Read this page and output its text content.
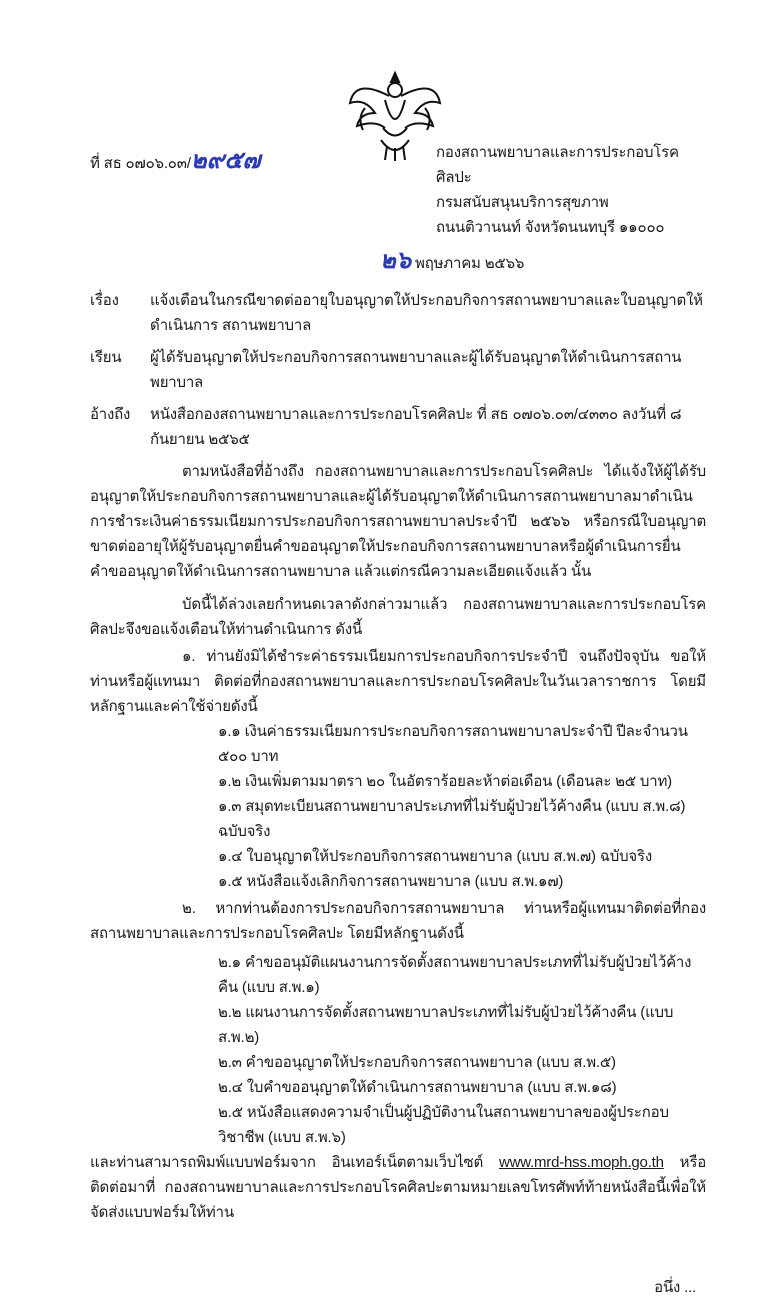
ที่ สธ ๐๗๐๖.๐๓/๒๙๕๗	กองสถานพยาบาลและการประกอบโรคศิลปะ

กรมสนับสนุนบริการสุขภาพ

ถนนติวานนท์ จังหวัดนนทบุรี ๑๑๐๐๐

๒๖ พฤษภาคม ๒๕๖๖
เรื่อง	แจ้งเตือนในกรณีขาดต่ออายุใบอนุญาตให้ประกอบกิจการสถานพยาบาลและใบอนุญาตให้ดำเนินการ สถานพยาบาล
เรียน	ผู้ได้รับอนุญาตให้ประกอบกิจการสถานพยาบาลและผู้ได้รับอนุญาตให้ดำเนินการสถานพยาบาล
อ้างถึง	หนังสือกองสถานพยาบาลและการประกอบโรคศิลปะ ที่ สธ ๐๗๐๖.๐๓/๔๓๓๐ ลงวันที่ ๘ กันยายน ๒๕๖๕

ตามหนังสือที่อ้างถึง กองสถานพยาบาลและการประกอบโรคศิลปะ ได้แจ้งให้ผู้ได้รับอนุญาตให้ประกอบกิจการสถานพยาบาลและผู้ได้รับอนุญาตให้ดำเนินการสถานพยาบาลมาดำเนินการชำระเงินค่าธรรมเนียมการประกอบกิจการสถานพยาบาลประจำปี ๒๕๖๖ หรือกรณีใบอนุญาตขาดต่ออายุให้ผู้รับอนุญาตยื่นคำขออนุญาตให้ประกอบกิจการสถานพยาบาลหรือผู้ดำเนินการยื่นคำขออนุญาตให้ดำเนินการสถานพยาบาล แล้วแต่กรณีความละเอียดแจ้งแล้ว นั้น

บัดนี้ได้ล่วงเลยกำหนดเวลาดังกล่าวมาแล้ว กองสถานพยาบาลและการประกอบโรคศิลปะจึงขอแจ้งเตือนให้ท่านดำเนินการ ดังนี้

๑. ท่านยังมิได้ชำระค่าธรรมเนียมการประกอบกิจการประจำปี จนถึงปัจจุบัน ขอให้ท่านหรือผู้แทนมา ติดต่อที่กองสถานพยาบาลและการประกอบโรคศิลปะในวันเวลาราชการ โดยมีหลักฐานและค่าใช้จ่ายดังนี้

๑.๑ เงินค่าธรรมเนียมการประกอบกิจการสถานพยาบาลประจำปี ปีละจำนวน ๕๐๐ บาท

๑.๒ เงินเพิ่มตามมาตรา ๒๐ ในอัตราร้อยละห้าต่อเดือน (เดือนละ ๒๕ บาท)

๑.๓ สมุดทะเบียนสถานพยาบาลประเภทที่ไม่รับผู้ป่วยไว้ค้างคืน (แบบ ส.พ.๘) ฉบับจริง

๑.๔ ใบอนุญาตให้ประกอบกิจการสถานพยาบาล (แบบ ส.พ.๗) ฉบับจริง

๑.๕ หนังสือแจ้งเลิกกิจการสถานพยาบาล (แบบ ส.พ.๑๗)

๒. หากท่านต้องการประกอบกิจการสถานพยาบาล ท่านหรือผู้แทนมาติดต่อที่กองสถานพยาบาลและการประกอบโรคศิลปะ โดยมีหลักฐานดังนี้

๒.๑ คำขออนุมัติแผนงานการจัดตั้งสถานพยาบาลประเภทที่ไม่รับผู้ป่วยไว้ค้างคืน (แบบ ส.พ.๑)

๒.๒ แผนงานการจัดตั้งสถานพยาบาลประเภทที่ไม่รับผู้ป่วยไว้ค้างคืน (แบบ ส.พ.๒)

๒.๓ คำขออนุญาตให้ประกอบกิจการสถานพยาบาล (แบบ ส.พ.๕)

๒.๔ ใบคำขออนุญาตให้ดำเนินการสถานพยาบาล (แบบ ส.พ.๑๘)

๒.๕ หนังสือแสดงความจำเป็นผู้ปฏิบัติงานในสถานพยาบาลของผู้ประกอบวิชาชีพ (แบบ ส.พ.๖)

และท่านสามารถพิมพ์แบบฟอร์มจาก อินเทอร์เน็ตตามเว็บไซต์ www.mrd-hss.moph.go.th หรือติดต่อมาที่ กองสถานพยาบาลและการประกอบโรคศิลปะตามหมายเลขโทรศัพท์ท้ายหนังสือนี้เพื่อให้จัดส่งแบบฟอร์มให้ท่าน

อนึ่ง ...
